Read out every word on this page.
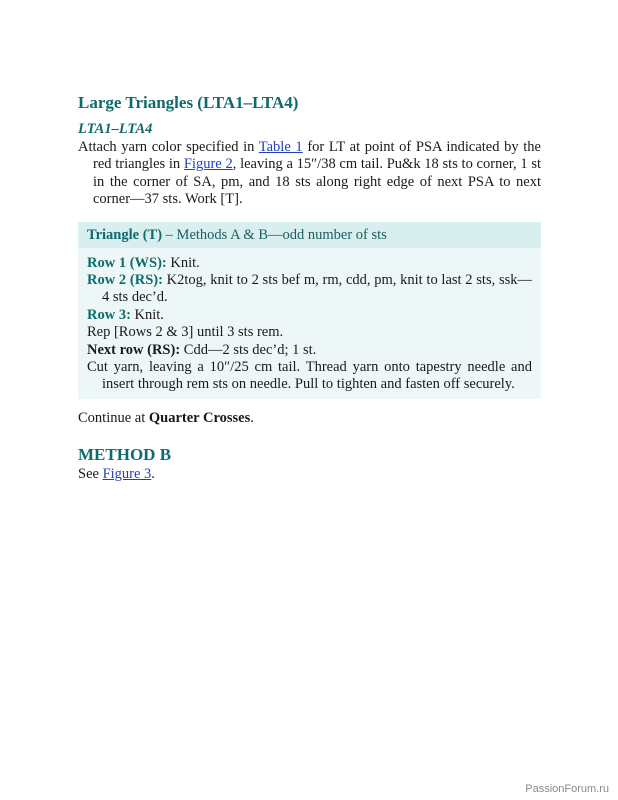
Large Triangles (LTA1–LTA4)
LTA1–LTA4

Attach yarn color specified in Table 1 for LT at point of PSA indicated by the red triangles in Figure 2, leaving a 15″/38 cm tail. Pu&k 18 sts to corner, 1 st in the corner of SA, pm, and 18 sts along right edge of next PSA to next corner—37 sts. Work [T].

Triangle (T) – Methods A & B—odd number of sts

Row 1 (WS): Knit.

Row 2 (RS): K2tog, knit to 2 sts bef m, rm, cdd, pm, knit to last 2 sts, ssk—4 sts dec’d.

Row 3: Knit.

Rep [Rows 2 & 3] until 3 sts rem.

Next row (RS): Cdd—2 sts dec’d; 1 st.

Cut yarn, leaving a 10″/25 cm tail. Thread yarn onto tapestry needle and insert through rem sts on needle. Pull to tighten and fasten off securely.

Continue at Quarter Crosses.

METHOD B

See Figure 3.

PassionForum.ru
